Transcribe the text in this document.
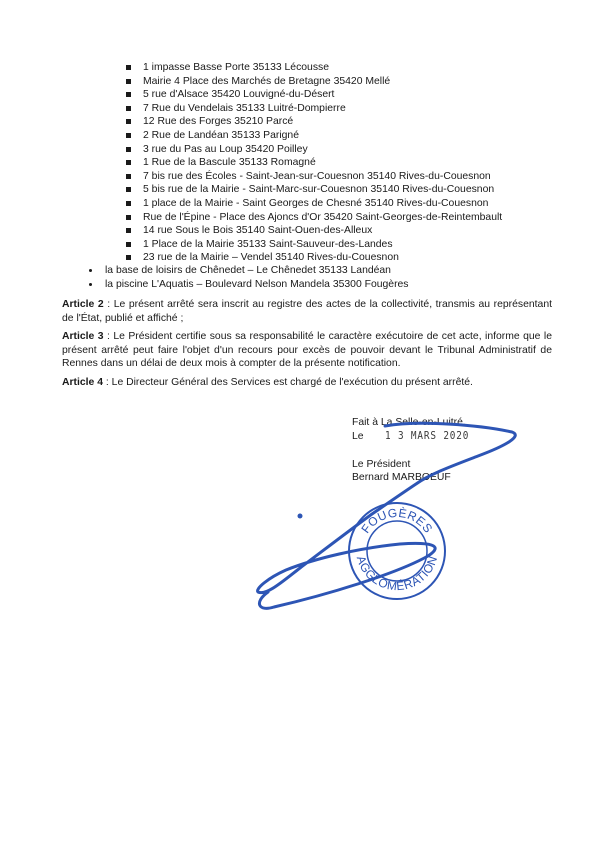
1 impasse Basse Porte 35133 Lécousse
Mairie 4 Place des Marchés de Bretagne 35420 Mellé
5 rue d'Alsace 35420 Louvigné-du-Désert
7 Rue du Vendelais 35133 Luitré-Dompierre
12 Rue des Forges 35210 Parcé
2 Rue de Landéan 35133 Parigné
3 rue du Pas au Loup 35420 Poilley
1 Rue de la Bascule 35133 Romagné
7 bis rue des Écoles - Saint-Jean-sur-Couesnon 35140 Rives-du-Couesnon
5 bis rue de la Mairie - Saint-Marc-sur-Couesnon 35140 Rives-du-Couesnon
1 place de la Mairie - Saint Georges de Chesné 35140 Rives-du-Couesnon
Rue de l'Épine - Place des Ajoncs d'Or 35420 Saint-Georges-de-Reintembault
14 rue Sous le Bois 35140 Saint-Ouen-des-Alleux
1 Place de la Mairie 35133 Saint-Sauveur-des-Landes
23 rue de la Mairie – Vendel 35140 Rives-du-Couesnon
la base de loisirs de Chênedet – Le Chênedet 35133 Landéan
la piscine L'Aquatis – Boulevard Nelson Mandela 35300 Fougères

Article 2 : Le présent arrêté sera inscrit au registre des actes de la collectivité, transmis au représentant de l'État, publié et affiché ;

Article 3 : Le Président certifie sous sa responsabilité le caractère exécutoire de cet acte, informe que le présent arrêté peut faire l'objet d'un recours pour excès de pouvoir devant le Tribunal Administratif de Rennes dans un délai de deux mois à compter de la présente notification.

Article 4 : Le Directeur Général des Services est chargé de l'exécution du présent arrêté.

Fait à La Selle-en-Luitré,
Le 1 3 MARS 2020
Le Président
Bernard MARBOEUF
FOUGÈRES
AGGLOMÉRATION
